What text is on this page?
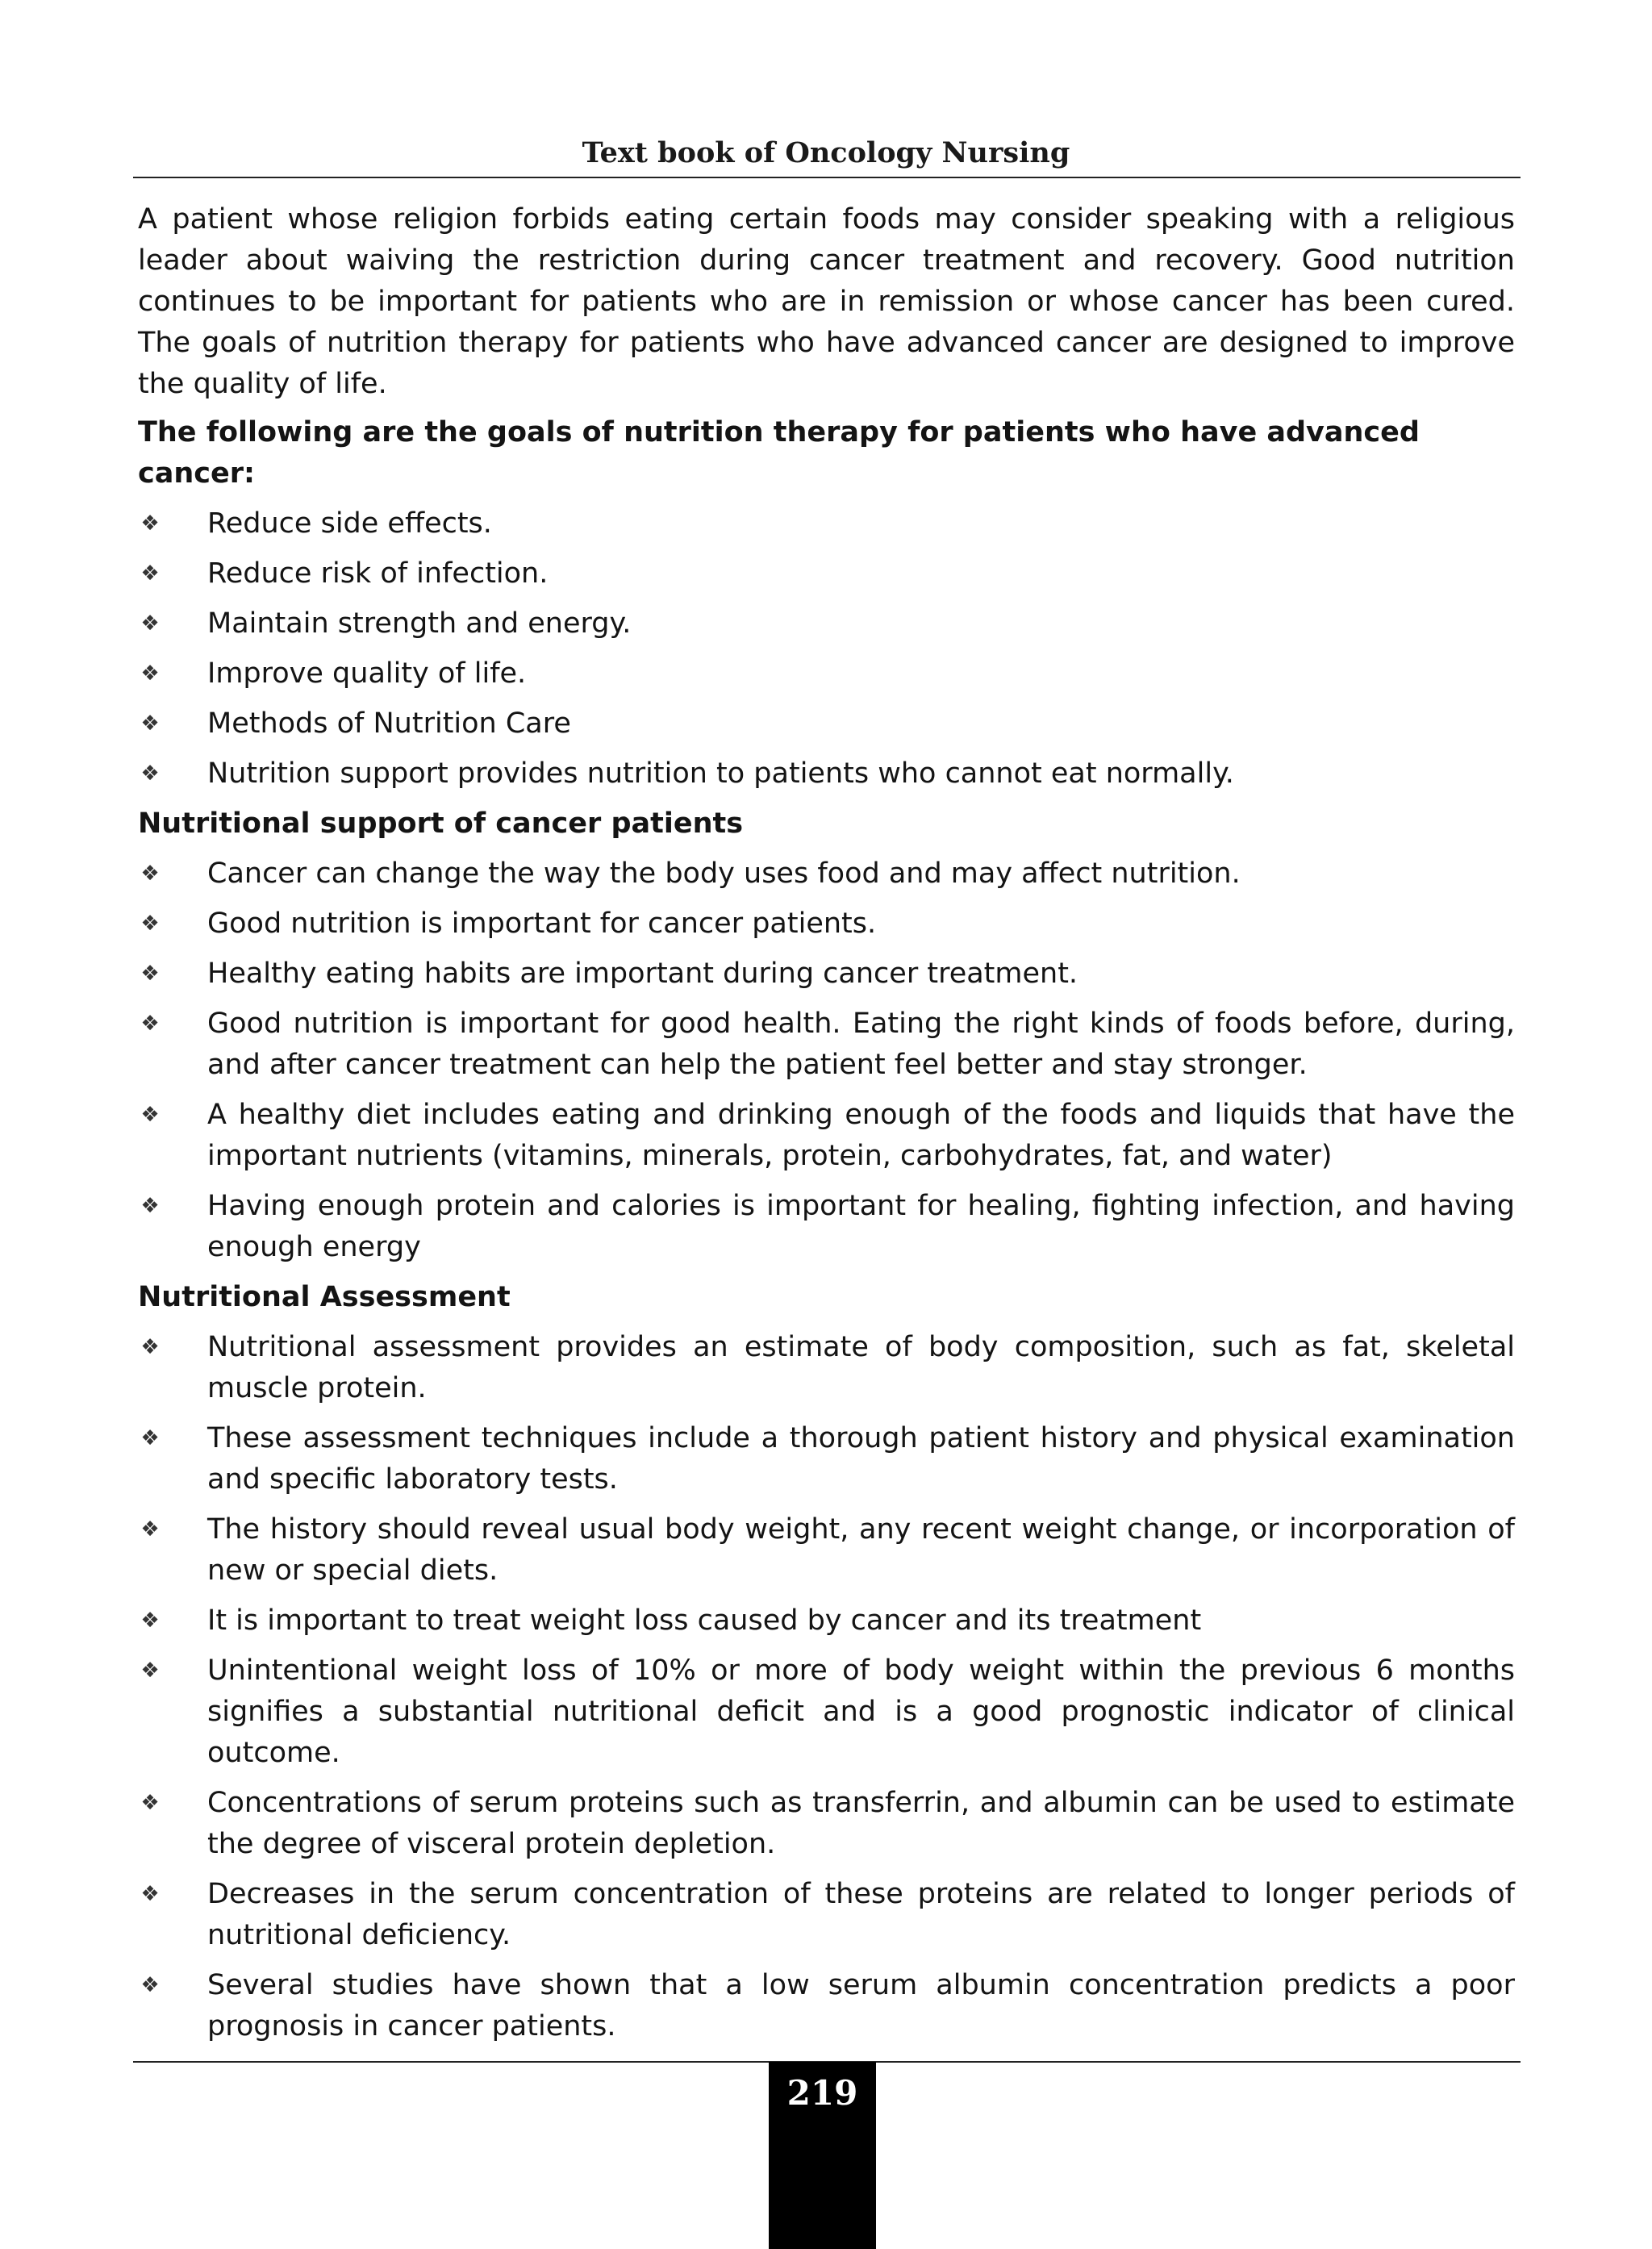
Text book of Oncology Nursing

A patient whose religion forbids eating certain foods may consider speaking with a religious leader about waiving the restriction during cancer treatment and recovery. Good nutrition continues to be important for patients who are in remission or whose cancer has been cured. The goals of nutrition therapy for patients who have advanced cancer are designed to improve the quality of life.

The following are the goals of nutrition therapy for patients who have advanced cancer:
❖ Reduce side effects.
❖ Reduce risk of infection.
❖ Maintain strength and energy.
❖ Improve quality of life.
❖ Methods of Nutrition Care
❖ Nutrition support provides nutrition to patients who cannot eat normally.
Nutritional support of cancer patients
❖ Cancer can change the way the body uses food and may affect nutrition.
❖ Good nutrition is important for cancer patients.
❖ Healthy eating habits are important during cancer treatment.
❖ Good nutrition is important for good health. Eating the right kinds of foods before, during, and after cancer treatment can help the patient feel better and stay stronger.
❖ A healthy diet includes eating and drinking enough of the foods and liquids that have the important nutrients (vitamins, minerals, protein, carbohydrates, fat, and water)
❖ Having enough protein and calories is important for healing, fighting infection, and having enough energy
Nutritional Assessment
❖ Nutritional assessment provides an estimate of body composition, such as fat, skeletal muscle protein.
❖ These assessment techniques include a thorough patient history and physical examination and specific laboratory tests.
❖ The history should reveal usual body weight, any recent weight change, or incorporation of new or special diets.
❖ It is important to treat weight loss caused by cancer and its treatment
❖ Unintentional weight loss of 10% or more of body weight within the previous 6 months signifies a substantial nutritional deficit and is a good prognostic indicator of clinical outcome.
❖ Concentrations of serum proteins such as transferrin, and albumin can be used to estimate the degree of visceral protein depletion.
❖ Decreases in the serum concentration of these proteins are related to longer periods of nutritional deficiency.
❖ Several studies have shown that a low serum albumin concentration predicts a poor prognosis in cancer patients.
219
